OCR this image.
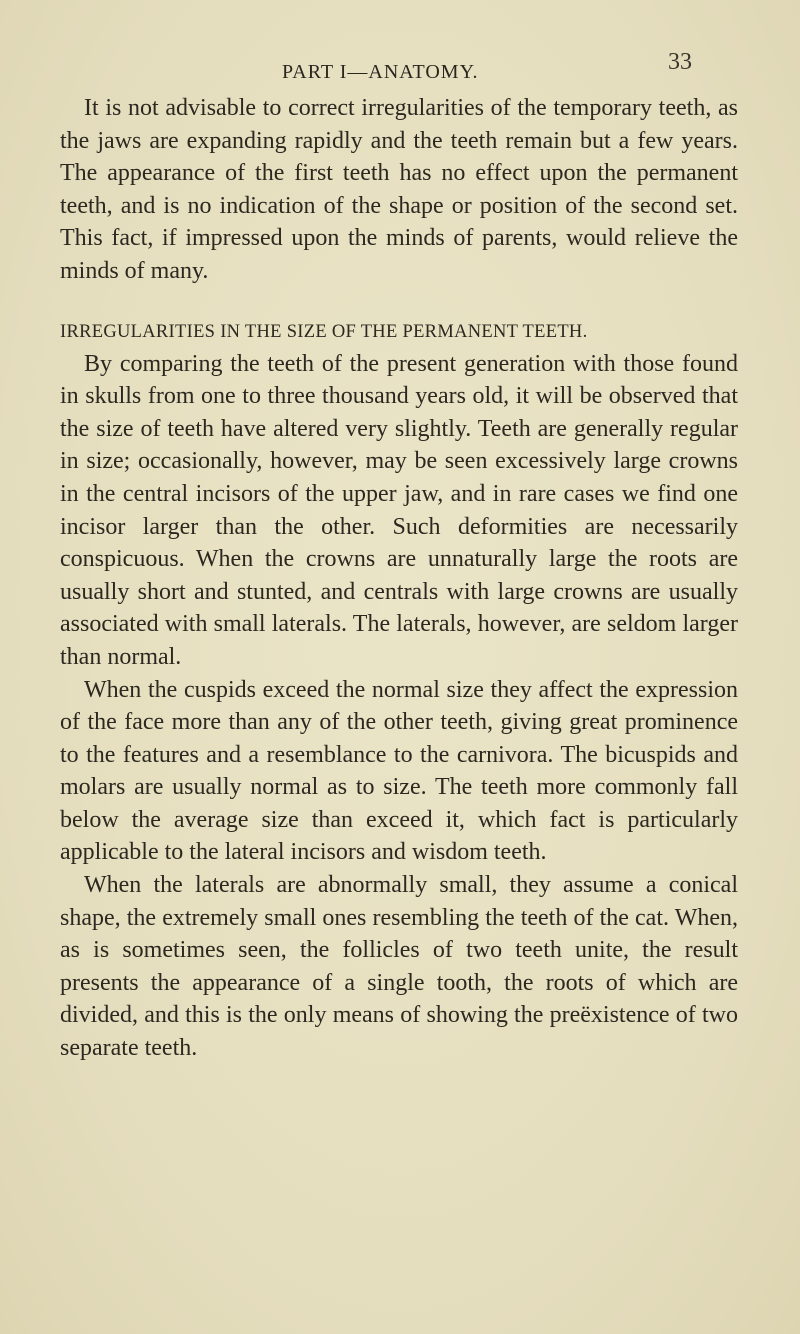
PART I—ANATOMY.	33

It is not advisable to correct irregularities of the temporary teeth, as the jaws are expanding rapidly and the teeth remain but a few years. The appearance of the first teeth has no effect upon the permanent teeth, and is no indication of the shape or position of the second set. This fact, if impressed upon the minds of parents, would relieve the minds of many.

IRREGULARITIES IN THE SIZE OF THE PERMANENT TEETH.

By comparing the teeth of the present generation with those found in skulls from one to three thousand years old, it will be observed that the size of teeth have altered very slightly. Teeth are generally regular in size; occasionally, however, may be seen excessively large crowns in the central incisors of the upper jaw, and in rare cases we find one incisor larger than the other. Such deformities are necessarily conspicuous. When the crowns are unnaturally large the roots are usually short and stunted, and centrals with large crowns are usually associated with small laterals. The laterals, however, are seldom larger than normal.

When the cuspids exceed the normal size they affect the expression of the face more than any of the other teeth, giving great prominence to the features and a resemblance to the carnivora. The bicuspids and molars are usually normal as to size. The teeth more commonly fall below the average size than exceed it, which fact is particularly applicable to the lateral incisors and wisdom teeth.

When the laterals are abnormally small, they assume a conical shape, the extremely small ones resembling the teeth of the cat. When, as is sometimes seen, the follicles of two teeth unite, the result presents the appearance of a single tooth, the roots of which are divided, and this is the only means of showing the preëxistence of two separate teeth.
